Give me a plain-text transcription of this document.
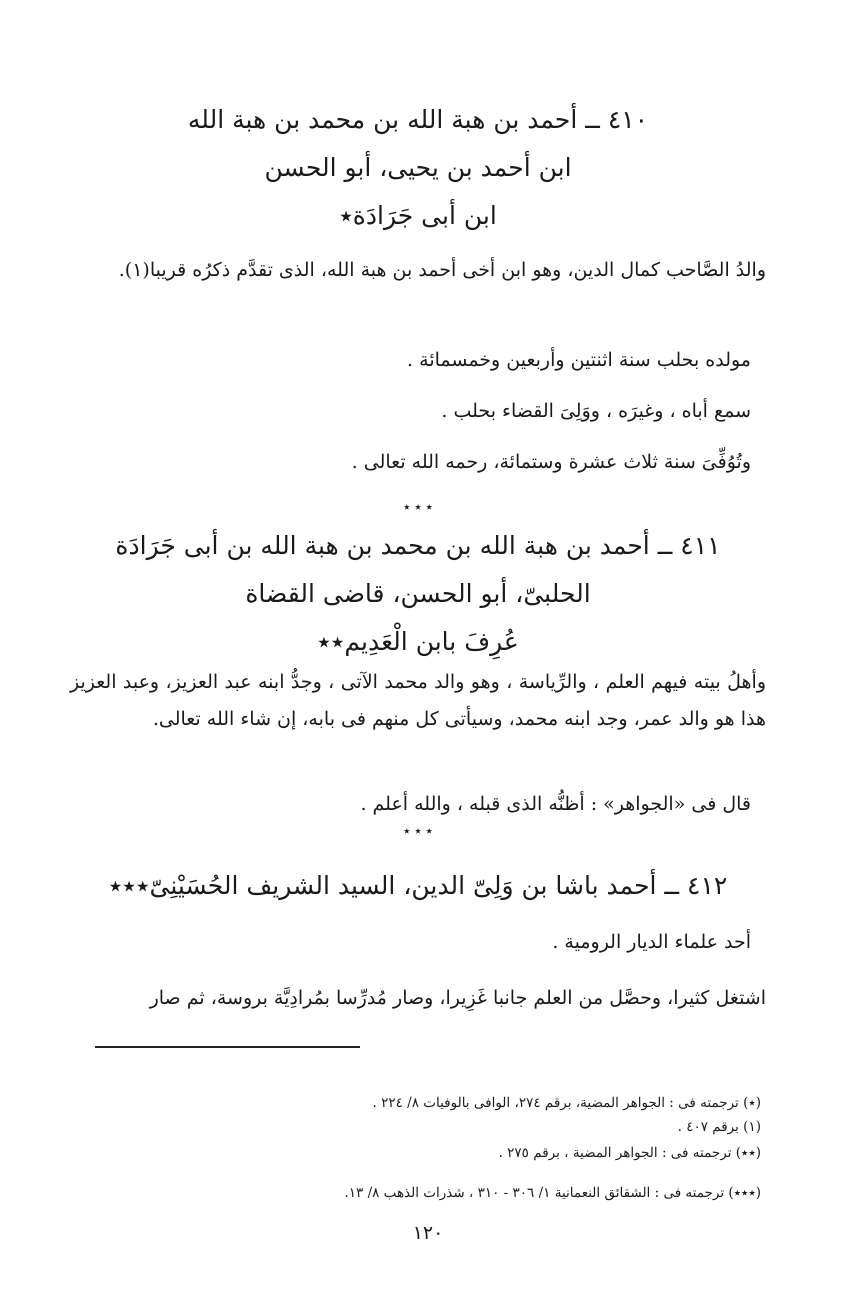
٤١٠ ــ أحمد بن هبة الله بن محمد بن هبة الله
ابن أحمد بن يحيى، أبو الحسن
ابن أبى جَرَادَة٭
والدُ الصَّاحب كمال الدين، وهو ابن أخى أحمد بن هبة الله، الذى تقدَّم ذكرُه قريبا(١).
مولده بحلب سنة اثنتين وأربعين وخمسمائة .
سمع أباه ، وغيرَه ، ووَلِىَ القضاء بحلب .
وتُوُفِّىَ سنة ثلاث عشرة وستمائة، رحمه الله تعالى .
٭ ٭ ٭
٤١١ ــ أحمد بن هبة الله بن محمد بن هبة الله بن أبى جَرَادَة
الحلبىّ، أبو الحسن، قاضى القضاة
عُرِفَ بابن الْعَدِيم٭٭
وأهلُ بيته فيهم العلم ، والرِّياسة ، وهو والد محمد الآتى ، وجدُّ ابنه عبد العزيز، وعبد العزيز هذا هو والد عمر، وجد ابنه محمد، وسيأتى كل منهم فى بابه، إن شاء الله تعالى.
قال فى «الجواهر» : أظنُّه الذى قبله ، والله أعلم .
٭ ٭ ٭
٤١٢ ــ أحمد باشا بن وَلِىّ الدين، السيد الشريف الحُسَيْنِىّ٭٭٭
أحد علماء الديار الرومية .
اشتغل كثيرا، وحصَّل من العلم جانبا غَزِيرا، وصار مُدرِّسا بمُرادِيَّة بروسة، ثم صار
(٭) ترجمته فى : الجواهر المضية، برقم ٢٧٤، الوافى بالوفيات ٨/ ٢٢٤ .
(١) برقم ٤٠٧ .
(٭٭) ترجمته فى : الجواهر المضية ، برقم ٢٧٥ .
(٭٭٭) ترجمته فى : الشقائق النعمانية ١/ ٣٠٦ - ٣١٠ ، شذرات الذهب ٨/ ١٣.
١٢٠
